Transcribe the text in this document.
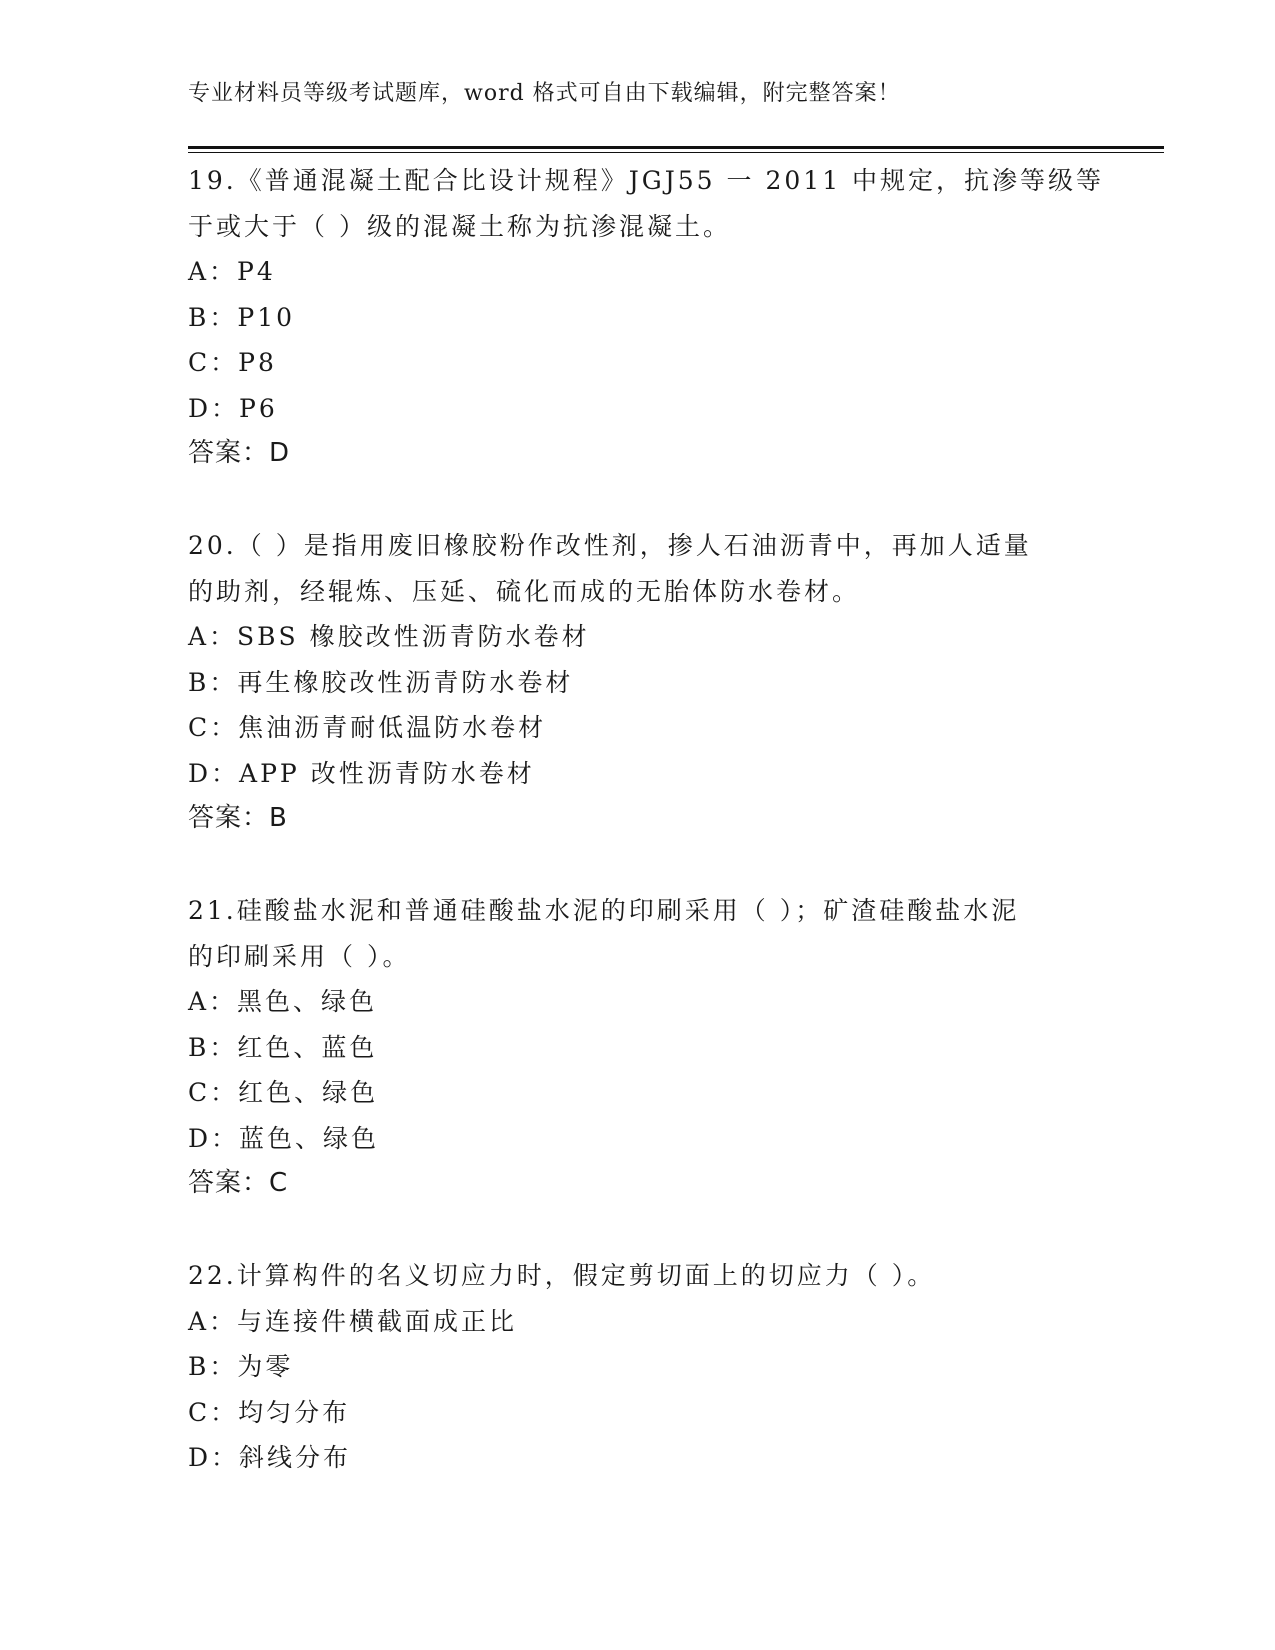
专业材料员等级考试题库，word 格式可自由下载编辑，附完整答案！
19.《普通混凝土配合比设计规程》JGJ55 一 2011 中规定，抗渗等级等
于或大于（ ）级的混凝土称为抗渗混凝土。
A：P4
B：P10
C：P8
D：P6
答案：D
20.（ ）是指用废旧橡胶粉作改性剂，掺人石油沥青中，再加人适量
的助剂，经辊炼、压延、硫化而成的无胎体防水卷材。
A：SBS 橡胶改性沥青防水卷材
B：再生橡胶改性沥青防水卷材
C：焦油沥青耐低温防水卷材
D：APP 改性沥青防水卷材
答案：B
21.硅酸盐水泥和普通硅酸盐水泥的印刷采用（ ）；矿渣硅酸盐水泥
的印刷采用（ ）。
A：黑色、绿色
B：红色、蓝色
C：红色、绿色
D：蓝色、绿色
答案：C
22.计算构件的名义切应力时，假定剪切面上的切应力（ ）。
A：与连接件横截面成正比
B：为零
C：均匀分布
D：斜线分布
